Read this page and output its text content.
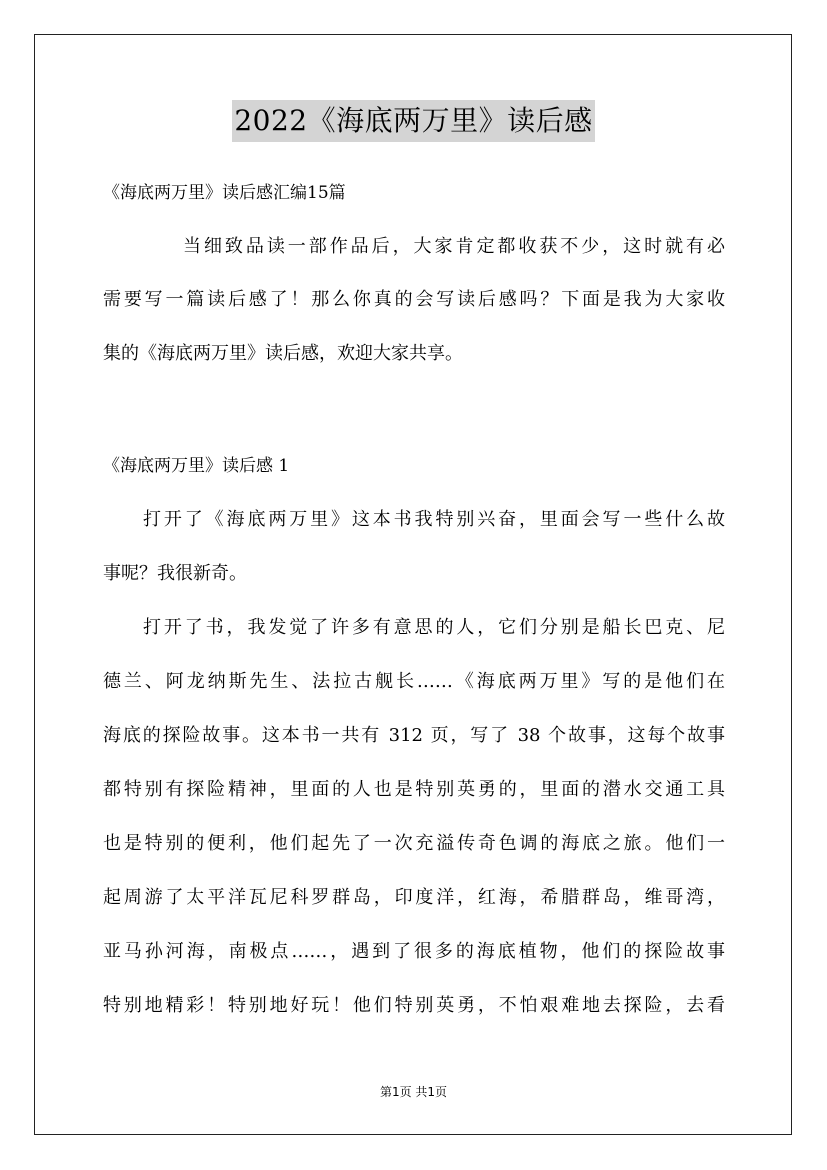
2022《海底两万里》读后感
《海底两万里》读后感汇编15篇
当细致品读一部作品后，大家肯定都收获不少，这时就有必
需要写一篇读后感了！那么你真的会写读后感吗？下面是我为大家收
集的《海底两万里》读后感，欢迎大家共享。
《海底两万里》读后感 1
打开了《海底两万里》这本书我特别兴奋，里面会写一些什么故
事呢？我很新奇。
打开了书，我发觉了许多有意思的人，它们分别是船长巴克、尼
德兰、阿龙纳斯先生、法拉古舰长……《海底两万里》写的是他们在
海底的探险故事。这本书一共有 312 页，写了 38 个故事，这每个故事
都特别有探险精神，里面的人也是特别英勇的，里面的潜水交通工具
也是特别的便利，他们起先了一次充溢传奇色调的海底之旅。他们一
起周游了太平洋瓦尼科罗群岛，印度洋，红海，希腊群岛，维哥湾，
亚马孙河海，南极点……，遇到了很多的海底植物，他们的探险故事
特别地精彩！特别地好玩！他们特别英勇，不怕艰难地去探险，去看
第1页 共1页
